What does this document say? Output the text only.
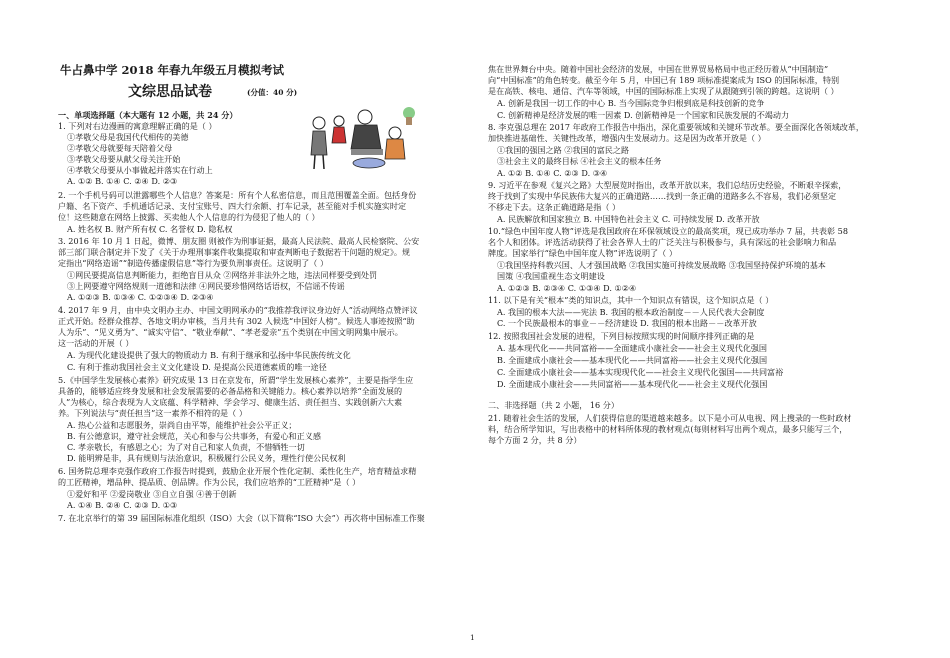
牛占鼻中学 2018 年春九年级五月模拟考试
文综思品试卷	(分值：40 分)
一、单项选择题（本大题有 12 小题，共 24 分）
1. 下列对右边漫画的寓意理解正确的是（ ）
①孝敬父母是我国代代相传的美德
②孝敬父母就要每天陪着父母
③孝敬父母要从献父母关注开始
④孝敬父母要从小事做起并落实在行动上
A. ①② B. ①④ C. ②④ D. ②③
2. 一个手机号码可以泄露哪些个人信息？答案是：所有个人私密信息，而且范围覆盖全面。包括身份
户籍、名下资产、手机通话记录、支付宝账号、四大行余额、打车记录，甚至能对手机实施实时定
位！这些随意在网络上披露、买卖他人个人信息的行为侵犯了他人的（ ）
A. 姓名权 B. 财产所有权 C. 名誉权 D. 隐私权
3. 2016 年 10 月 1 日起，微博、朋友圈 则被作为刑事证据，最高人民法院、最高人民检察院、公安
部三部门联合制定并下发了《关于办理刑事案件收集提取和审查判断电子数据若干问题的规定》。规
定指出“网络造谣”“制造传播虚假信息”等行为要负刑事责任。这说明了（ ）
①网民要提高信息判断能力，拒绝盲目从众 ②网络并非法外之地，违法同样要受到处罚
③上网要遵守网络规则一道德和法律 ④网民要珍惜网络话语权，不信谣不传谣
A. ①②③ B. ①③④ C. ①②③④ D. ②③④
4. 2017 年 9 月，由中央文明办主办、中国文明网承办的“我推荐我评议身边好人”活动网络点赞评议
正式开始。经群众推荐、各地文明办审核，当月共有 302 人候选“中国好人榜”。候选人事迹按照“助
人为乐”、“见义勇为”、“诚实守信”、“敬业奉献”、“孝老爱亲”五个类别在中国文明网集中展示。
这一活动的开展（ ）
A. 为现代化建设提供了强大的物质动力 B. 有利于继承和弘扬中华民族传统文化
C. 有利于推动我国社会主义文化建设 D. 是提高公民道德素质的唯一途径
5.《中国学生发展核心素养》研究成果 13 日在京发布，所谓“学生发展核心素养”，主要是指学生应
具备的，能够适应终身发展和社会发展需要的必备品格和关键能力。核心素养以培养“全面发展的
人”为核心，综合表现为人文底蕴、科学精神、学会学习、健康生活、责任担当、实践创新六大素
养。下列说法与“责任担当”这一素养不相符的是（ ）
A. 热心公益和志愿服务，崇尚自由平等，能维护社会公平正义；
B. 有公德意识，遵守社会规范，关心和参与公共事务，有爱心和正义感
C. 孝亲敬长，有感恩之心；为了对自己和家人负责，不惜牺牲一切
D. 能明辨是非，具有规则与法治意识，积极履行公民义务，理性行使公民权利
6. 国务院总理李克强作政府工作报告时提到，鼓励企业开展个性化定制、柔性化生产，培育精益求精
的工匠精神，增品种、提品质、创品牌。作为公民，我们应培养的“工匠精神”是（ ）
①爱好和平 ②爱岗敬业 ③自立自强 ④善于创新
A. ①④ B. ②④ C. ②③ D. ①③
7. 在北京举行的第 39 届国际标准化组织（ISO）大会（以下简称“ISO 大会”）再次将中国标准工作聚
焦在世界舞台中央。随着中国社会经济的发展，中国在世界贸易格局中也正经历着从“中国制造”
向“中国标准”的角色转变。截至今年 5 月，中国已有 189 项标准提案成为 ISO 的国际标准，特别
是在高铁、核电、通信、汽车等领域，中国的国际标准上实现了从跟随到引领的跨越。这说明（ ）
A. 创新是我国一切工作的中心 B. 当今国际竞争归根到底是科技创新的竞争
C. 创新精神是经济发展的唯一因素 D. 创新精神是一个国家和民族发展的不竭动力
8. 李克强总理在 2017 年政府工作报告中指出，深化重要领域和关键环节改革。要全面深化各领域改革，
加快推进基础性、关键性改革，增强内生发展动力。这是因为改革开放是（ ）
①我国的强国之路 ②我国的富民之路
③社会主义的最终目标 ④社会主义的根本任务
A. ①② B. ①④ C. ②③ D. ③④
9. 习近平在参观《复兴之路》大型展览时指出，改革开放以来，我们总结历史经验，不断艰辛探索，
终于找到了实现中华民族伟大复兴的正确道路……找到一条正确的道路多么不容易，我们必须坚定
不移走下去。这条正确道路是指（ ）
A. 民族解放和国家独立 B. 中国特色社会主义 C. 可持续发展 D. 改革开放
10.“绿色中国年度人物”评选是我国政府在环保领域设立的最高奖项，现已成功举办 7 届，共表彰 58
名个人和团体。评选活动获得了社会各界人士的广泛关注与积极参与，具有深远的社会影响力和品
牌度。国家举行“绿色中国年度人物”评选说明了（ ）
①我国坚持科教兴国、人才强国战略 ②我国实施可持续发展战略 ③我国坚持保护环境的基本
国策 ④我国重视生态文明建设
A. ①②③ B. ②③④ C. ①③④ D. ①②④
11. 以下是有关“根本”类的知识点，其中一个知识点有错误，这个知识点是（ ）
A. 我国的根本大法——宪法 B. 我国的根本政治制度－－人民代表大会制度
C. 一个民族最根本的事业－－经济建设 D. 我国的根本出路－－改革开放
12. 按照我国社会发展的进程，下列目标按照实现的时间顺序排列正确的是
A. 基本现代化——共同富裕——全面建成小康社会——社会主义现代化强国
B. 全面建成小康社会——基本现代化——共同富裕——社会主义现代化强国
C. 全面建成小康社会——基本实现现代化——社会主义现代化强国——共同富裕
D. 全面建成小康社会——共同富裕——基本现代化——社会主义现代化强国
二、非选择题（共 2 小题， 16 分）
21. 随着社会生活的发展，人们获得信息的渠道越来越多。以下是小可从电视、网上搜录的一些时政材
料，结合所学知识，写出表格中的材料所体现的教材观点(每则材料写出两个观点，最多只能写三个，
每个方面 2 分，共 8 分）
1
